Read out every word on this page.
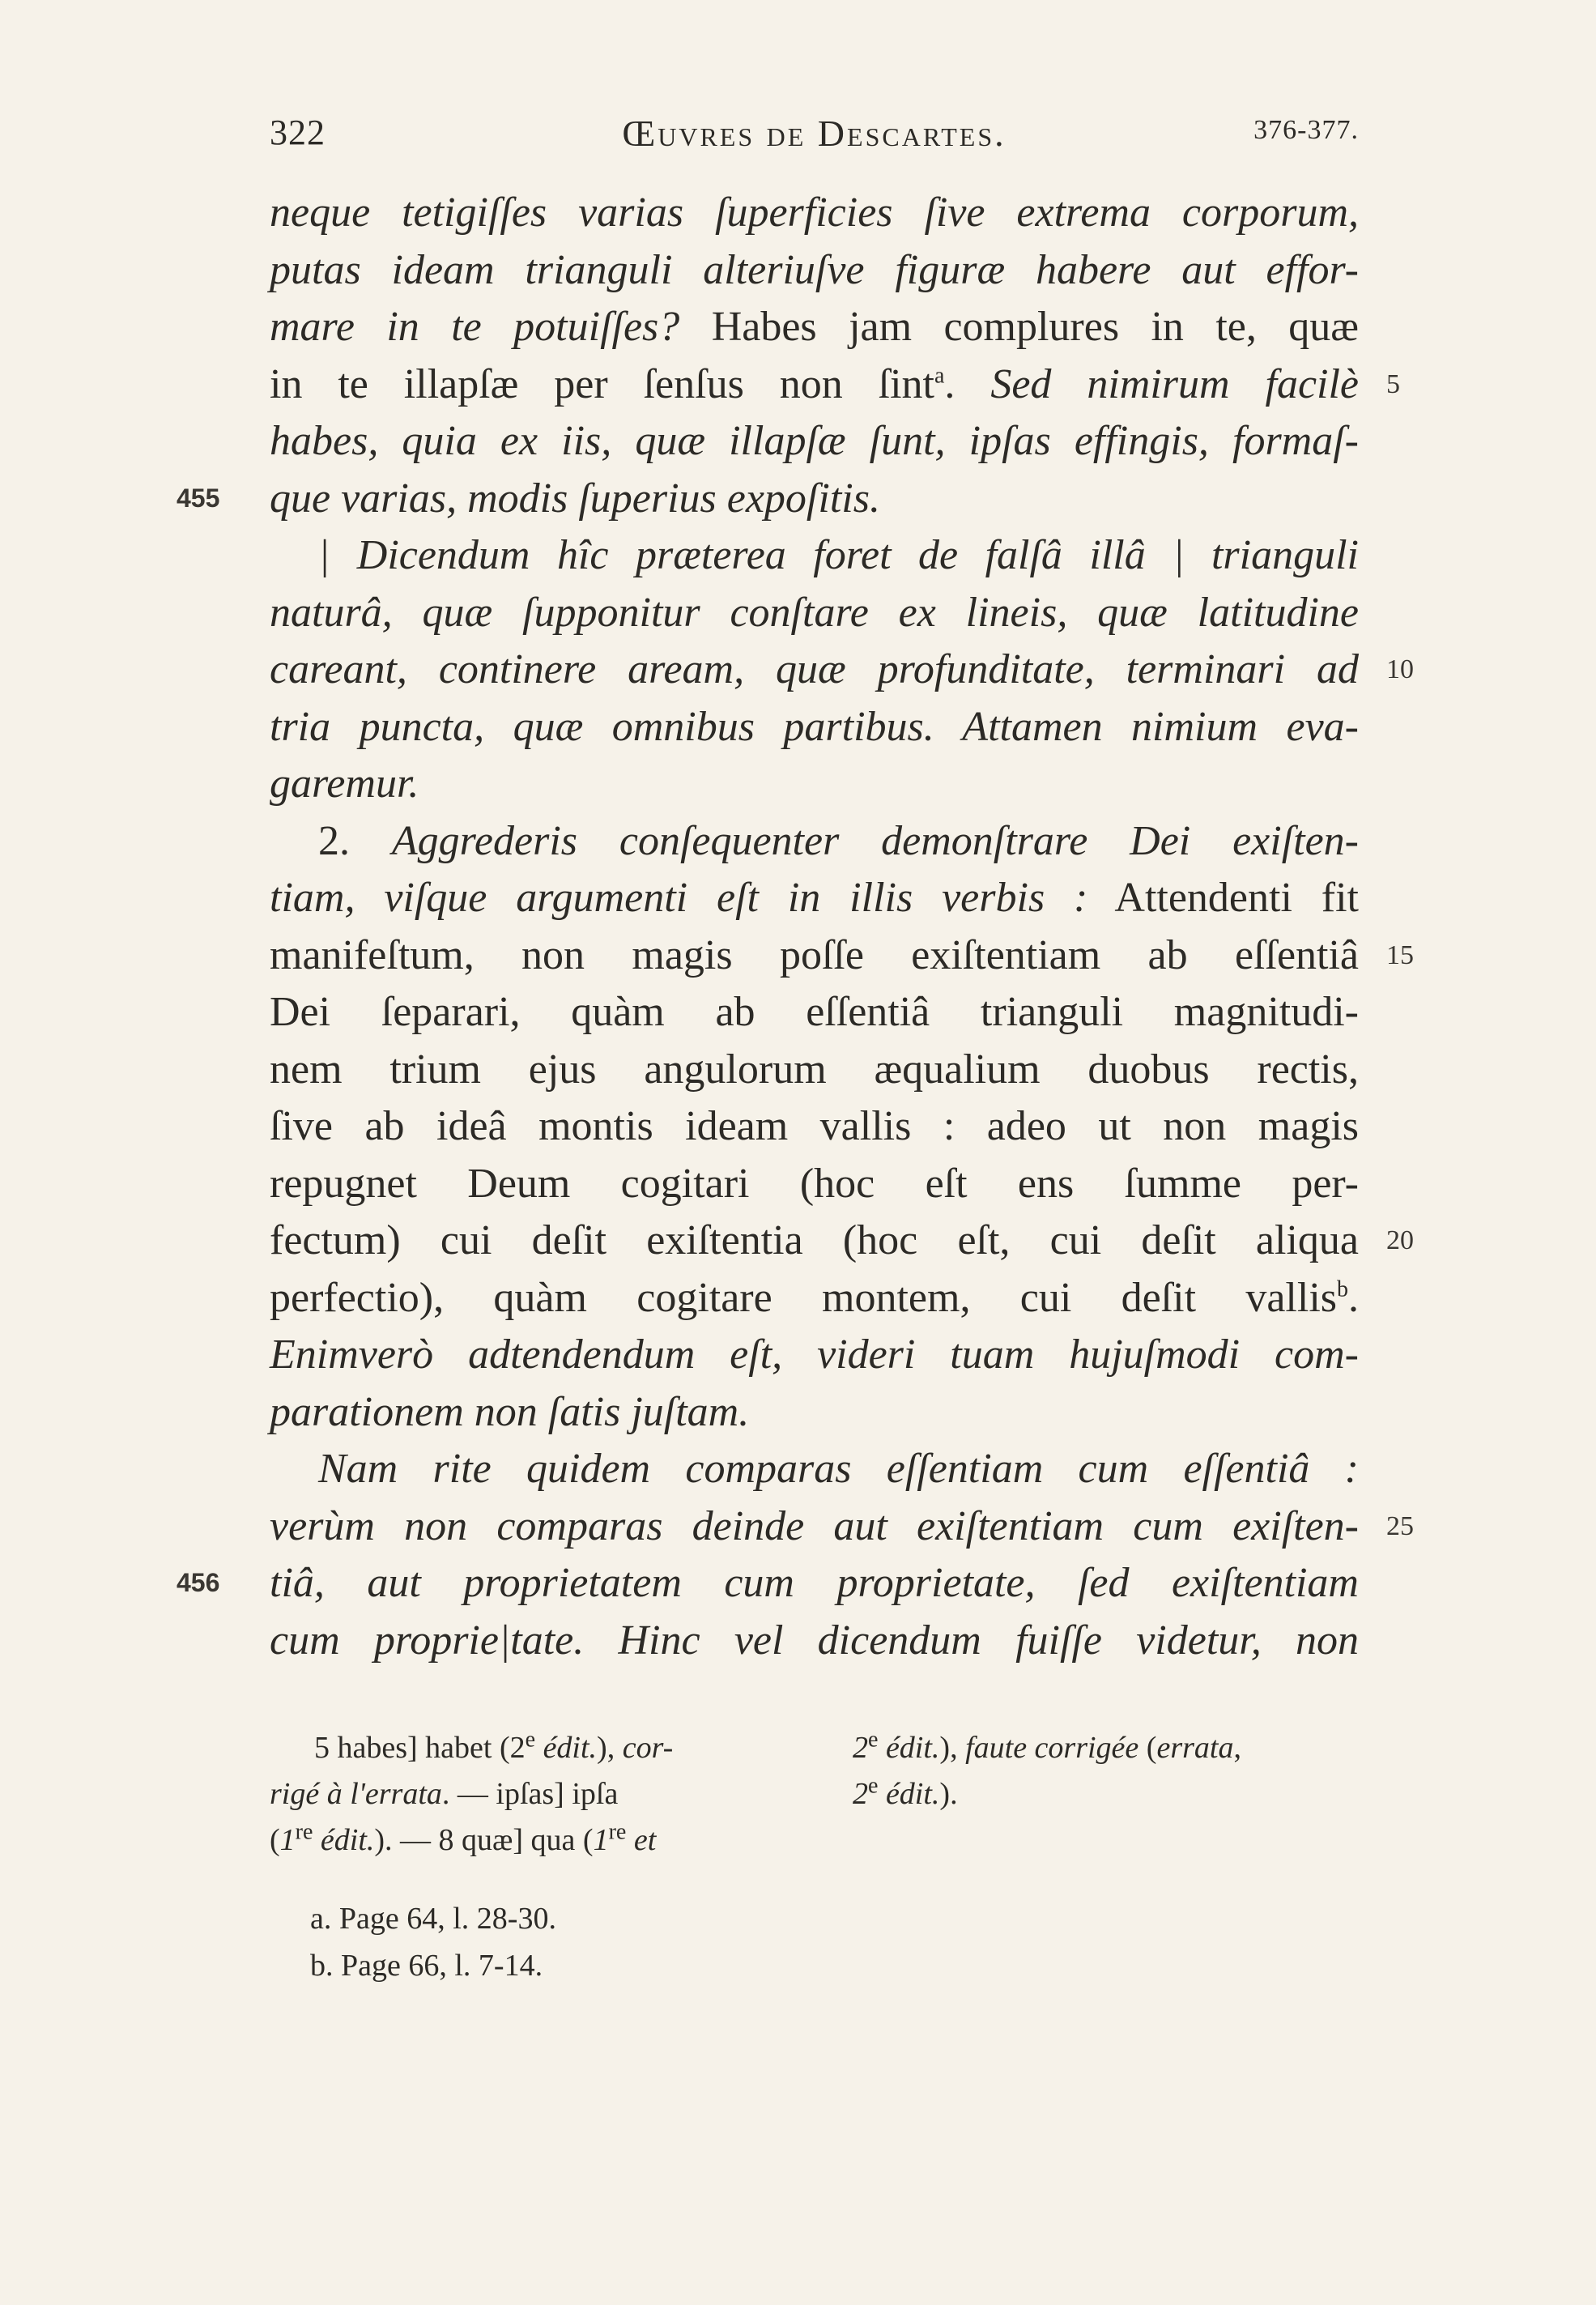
322	Œuvres de Descartes.	376-377.
neque tetigiſſes varias ſuperficies ſive extrema corporum,
putas ideam trianguli alteriuſve figuræ habere aut effor-
mare in te potuiſſes? Habes jam complures in te, quæ
in te illapſæ per ſenſus non ſint$^a$. Sed nimirum facilè
habes, quia ex iis, quæ illapſæ ſunt, ipſas effingis, formaſ-
que varias, modis ſuperius expoſitis.
| Dicendum hîc præterea foret de falſâ illâ | trianguli
naturâ, quæ ſupponitur conſtare ex lineis, quæ latitudine
careant, continere aream, quæ profunditate, terminari ad
tria puncta, quæ omnibus partibus. Attamen nimium eva-
garemur.
2. Aggrederis conſequenter demonſtrare Dei exiſten-
tiam, viſque argumenti eſt in illis verbis : Attendenti fit
manifeſtum, non magis poſſe exiſtentiam ab eſſentiâ
Dei ſeparari, quàm ab eſſentiâ trianguli magnitudi-
nem trium ejus angulorum æqualium duobus rectis,
ſive ab ideâ montis ideam vallis : adeo ut non magis
repugnet Deum cogitari (hoc eſt ens ſumme per-
fectum) cui deſit exiſtentia (hoc eſt, cui deſit aliqua
perfectio), quàm cogitare montem, cui deſit vallis$^b$.
Enimverò adtendendum eſt, videri tuam hujuſmodi com-
parationem non ſatis juſtam.
Nam rite quidem comparas eſſentiam cum eſſentiâ :
verùm non comparas deinde aut exiſtentiam cum exiſten-
tiâ, aut proprietatem cum proprietate, ſed exiſtentiam
cum proprie|tate. Hinc vel dicendum fuiſſe videtur, non
455
456
5
10
15
20
25
5 habes] habet (2e édit.), cor-
rigé à l'errata. — ipſas] ipſa
(1re édit.). — 8 quæ] qua (1re et
2e édit.), faute corrigée (errata,
2e édit.).
a. Page 64, l. 28-30.
b. Page 66, l. 7-14.
